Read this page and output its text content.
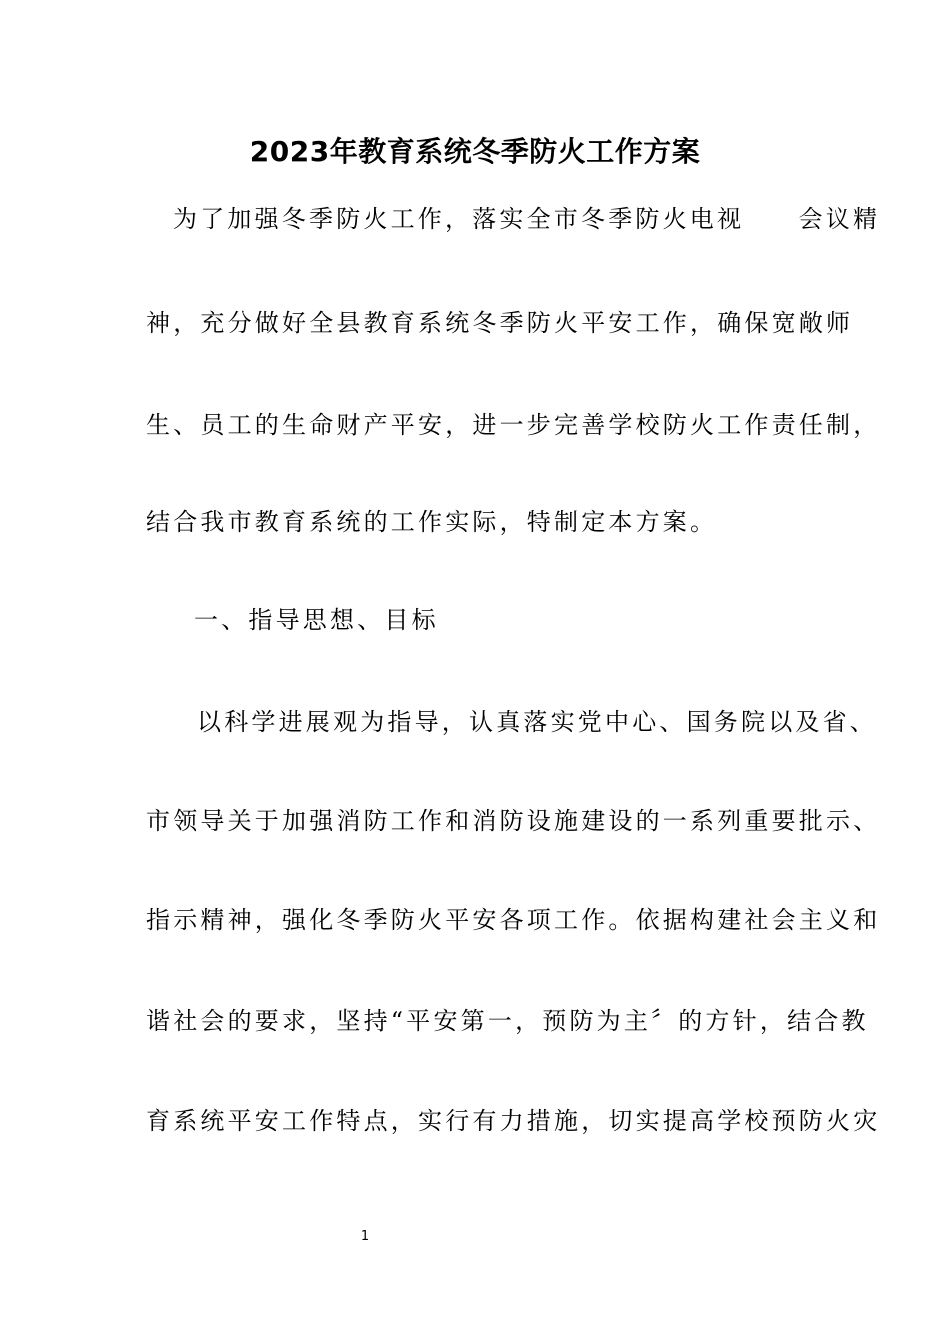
2023年教育系统冬季防火工作方案
为了加强冬季防火工作，落实全市冬季防火电视　　会议精
神，充分做好全县教育系统冬季防火平安工作，确保宽敞师
生、员工的生命财产平安，进一步完善学校防火工作责任制，
结合我市教育系统的工作实际，特制定本方案。
一、指导思想、目标
以科学进展观为指导，认真落实党中心、国务院以及省、
市领导关于加强消防工作和消防设施建设的一系列重要批示、
指示精神，强化冬季防火平安各项工作。依据构建社会主义和
谐社会的要求，坚持“平安第一，预防为主〞的方针，结合教
育系统平安工作特点，实行有力措施，切实提高学校预防火灾
1
